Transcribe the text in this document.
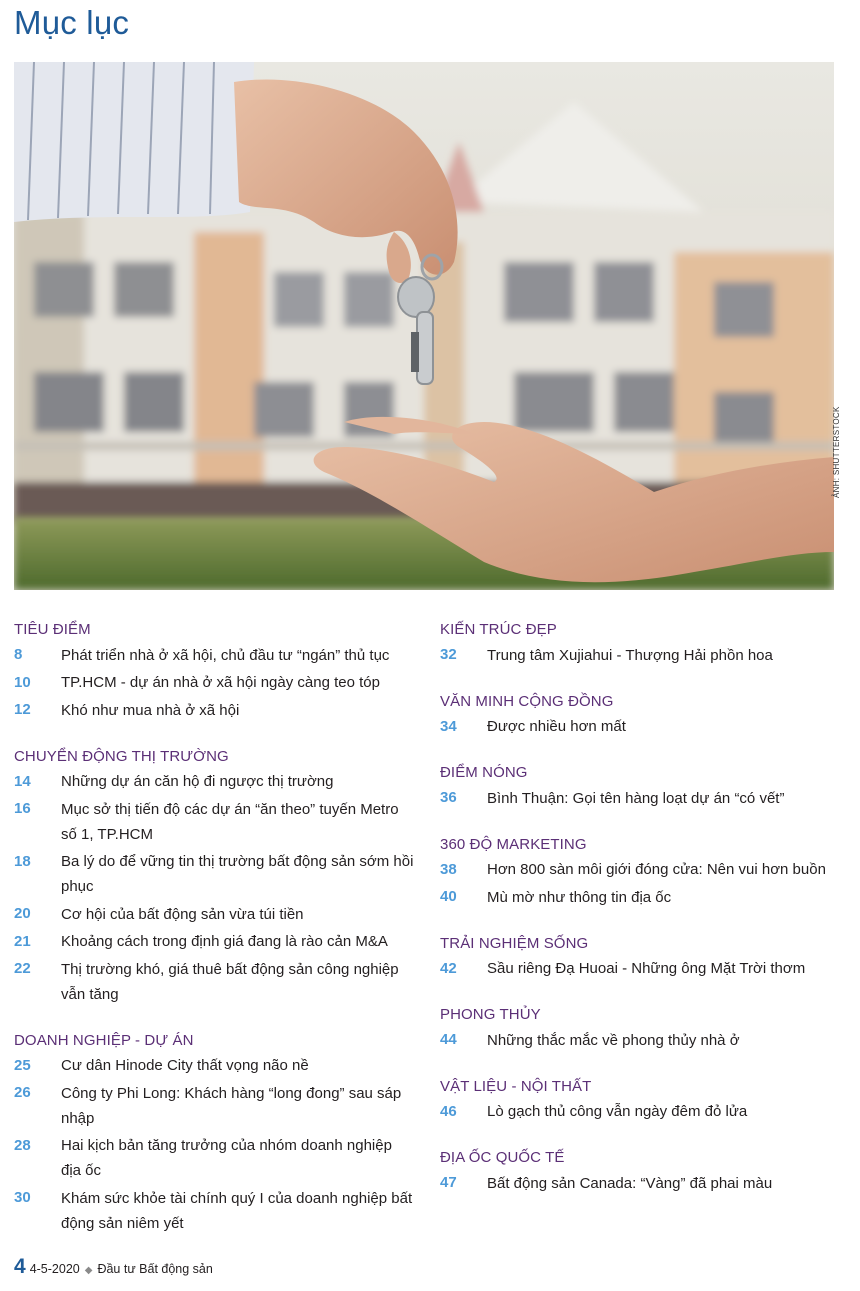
Mục lục
ẢNH: SHUTTERSTOCK
TIÊU ĐIỂM
8	Phát triển nhà ở xã hội, chủ đầu tư “ngán” thủ tục
10	TP.HCM - dự án nhà ở xã hội ngày càng teo tóp
12	Khó như mua nhà ở xã hội
CHUYỂN ĐỘNG THỊ TRƯỜNG
14	Những dự án căn hộ đi ngược thị trường
16	Mục sở thị tiến độ các dự án “ăn theo” tuyến Metro số 1, TP.HCM
18	Ba lý do để vững tin thị trường bất động sản sớm hồi phục
20	Cơ hội của bất động sản vừa túi tiền
21	Khoảng cách trong định giá đang là rào cản M&A
22	Thị trường khó, giá thuê bất động sản công nghiệp vẫn tăng
DOANH NGHIỆP - DỰ ÁN
25	Cư dân Hinode City thất vọng não nề
26	Công ty Phi Long: Khách hàng “long đong” sau sáp nhập
28	Hai kịch bản tăng trưởng của nhóm doanh nghiệp địa ốc
30	Khám sức khỏe tài chính quý I của doanh nghiệp bất động sản niêm yết
KIẾN TRÚC ĐẸP
32	Trung tâm Xujiahui - Thượng Hải phồn hoa
VĂN MINH CỘNG ĐỒNG
34	Được nhiều hơn mất
ĐIỂM NÓNG
36	Bình Thuận: Gọi tên hàng loạt dự án “có vết”
360 ĐỘ MARKETING
38	Hơn 800 sàn môi giới đóng cửa: Nên vui hơn buồn
40	Mù mờ như thông tin địa ốc
TRẢI NGHIỆM SỐNG
42	Sầu riêng Đạ Huoai - Những ông Mặt Trời thơm
PHONG THỦY
44	Những thắc mắc về phong thủy nhà ở
VẬT LIỆU - NỘI THẤT
46	Lò gạch thủ công vẫn ngày đêm đỏ lửa
ĐỊA ỐC QUỐC TẾ
47	Bất động sản Canada: “Vàng” đã phai màu
4 4-5-2020 ◆ Đầu tư Bất động sản
